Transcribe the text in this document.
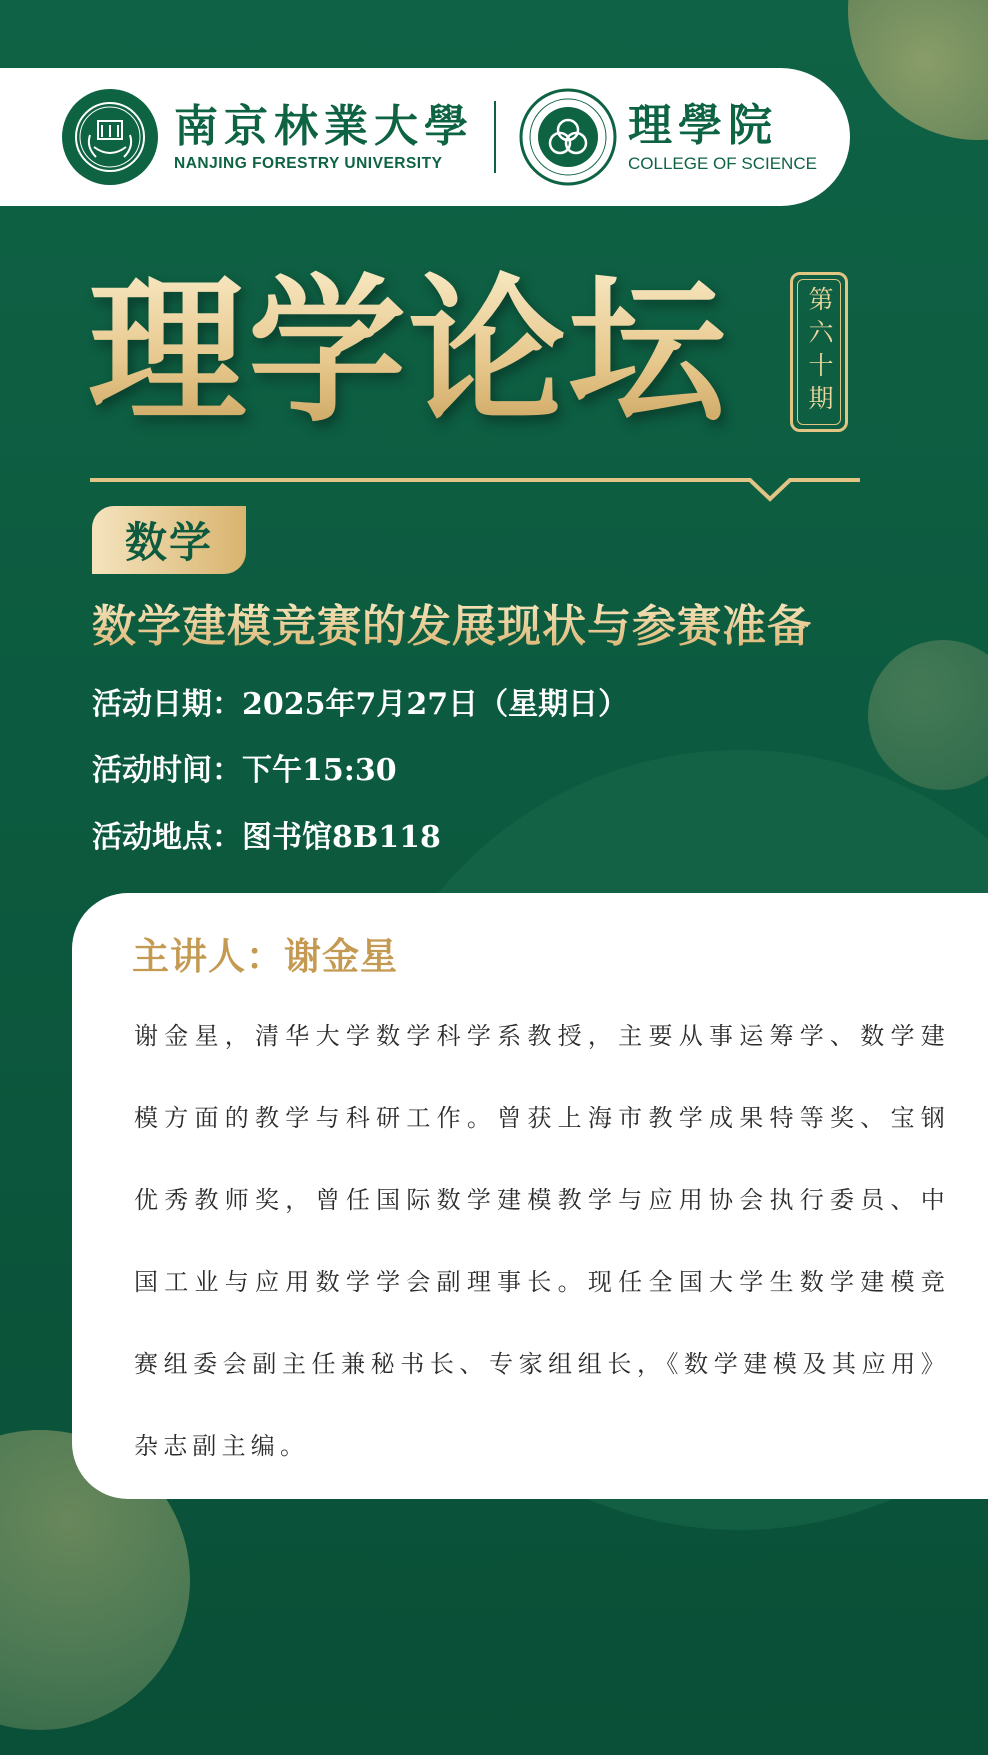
南京林業大學
NANJING FORESTRY UNIVERSITY
理學院
COLLEGE OF SCIENCE
理学论坛	第六十期
数学
数学建模竞赛的发展现状与参赛准备
活动日期：2025年7月27日（星期日）
活动时间：下午15:30
活动地点：图书馆8B118
主讲人：谢金星

谢金星，清华大学数学科学系教授，主要从事运筹学、数学建模方面的教学与科研工作。曾获上海市教学成果特等奖、宝钢优秀教师奖，曾任国际数学建模教学与应用协会执行委员、中国工业与应用数学学会副理事长。现任全国大学生数学建模竞赛组委会副主任兼秘书长、专家组组长，《数学建模及其应用》杂志副主编。
